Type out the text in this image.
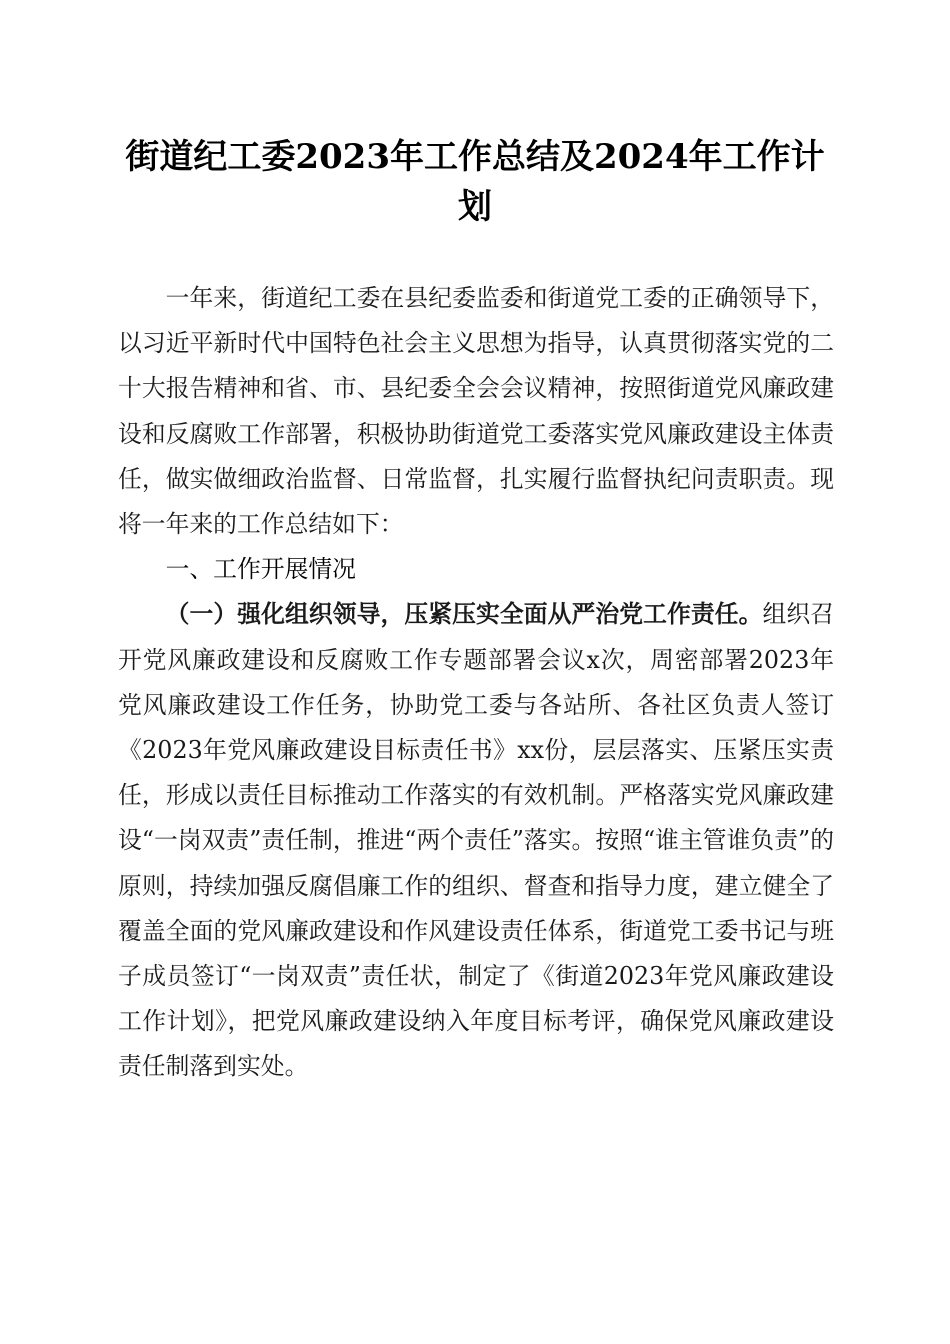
街道纪工委2023年工作总结及2024年工作计划

一年来，街道纪工委在县纪委监委和街道党工委的正确领导下，以习近平新时代中国特色社会主义思想为指导，认真贯彻落实党的二十大报告精神和省、市、县纪委全会会议精神，按照街道党风廉政建设和反腐败工作部署，积极协助街道党工委落实党风廉政建设主体责任，做实做细政治监督、日常监督，扎实履行监督执纪问责职责。现将一年来的工作总结如下：

一、工作开展情况

（一）强化组织领导，压紧压实全面从严治党工作责任。组织召开党风廉政建设和反腐败工作专题部署会议x次，周密部署2023年党风廉政建设工作任务，协助党工委与各站所、各社区负责人签订《2023年党风廉政建设目标责任书》xx份，层层落实、压紧压实责任，形成以责任目标推动工作落实的有效机制。严格落实党风廉政建设“一岗双责”责任制，推进“两个责任”落实。按照“谁主管谁负责”的原则，持续加强反腐倡廉工作的组织、督查和指导力度，建立健全了覆盖全面的党风廉政建设和作风建设责任体系，街道党工委书记与班子成员签订“一岗双责”责任状，制定了《街道2023年党风廉政建设工作计划》，把党风廉政建设纳入年度目标考评，确保党风廉政建设责任制落到实处。
